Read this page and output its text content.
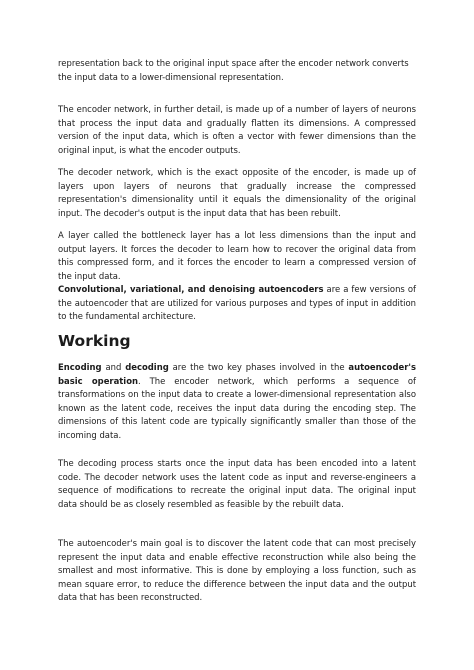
representation back to the original input space after the encoder network converts the input data to a lower-dimensional representation.

The encoder network, in further detail, is made up of a number of layers of neurons that process the input data and gradually flatten its dimensions. A compressed version of the input data, which is often a vector with fewer dimensions than the original input, is what the encoder outputs.

The decoder network, which is the exact opposite of the encoder, is made up of layers upon layers of neurons that gradually increase the compressed representation's dimensionality until it equals the dimensionality of the original input. The decoder's output is the input data that has been rebuilt.

A layer called the bottleneck layer has a lot less dimensions than the input and output layers. It forces the decoder to learn how to recover the original data from this compressed form, and it forces the encoder to learn a compressed version of the input data.

Convolutional, variational, and denoising autoencoders are a few versions of the autoencoder that are utilized for various purposes and types of input in addition to the fundamental architecture.

Working

Encoding and decoding are the two key phases involved in the autoencoder's basic operation. The encoder network, which performs a sequence of transformations on the input data to create a lower-dimensional representation also known as the latent code, receives the input data during the encoding step. The dimensions of this latent code are typically significantly smaller than those of the incoming data.

The decoding process starts once the input data has been encoded into a latent code. The decoder network uses the latent code as input and reverse-engineers a sequence of modifications to recreate the original input data. The original input data should be as closely resembled as feasible by the rebuilt data.

The autoencoder's main goal is to discover the latent code that can most precisely represent the input data and enable effective reconstruction while also being the smallest and most informative. This is done by employing a loss function, such as mean square error, to reduce the difference between the input data and the output data that has been reconstructed.
